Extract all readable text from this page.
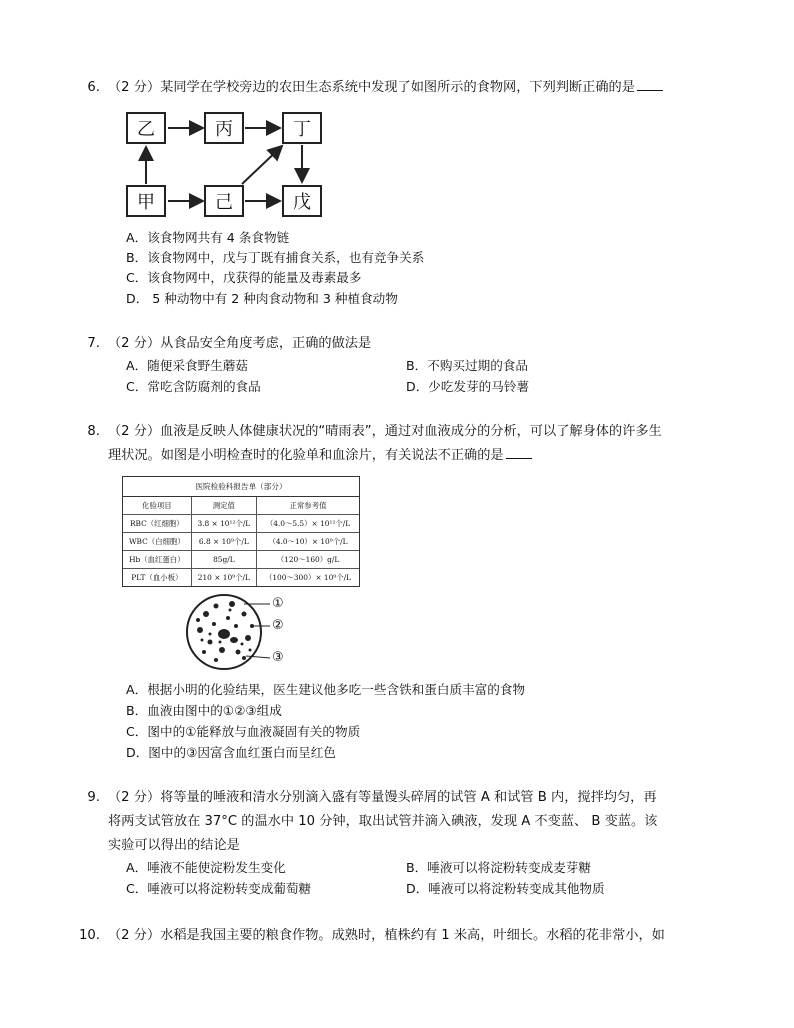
6. （2 分）某同学在学校旁边的农田生态系统中发现了如图所示的食物网，下列判断正确的是
乙	丙	丁
甲	己	戊
A．该食物网共有 4 条食物链
B．该食物网中，戊与丁既有捕食关系，也有竞争关系
C．该食物网中，戊获得的能量及毒素最多
D． 5 种动物中有 2 种肉食动物和 3 种植食动物
7. （2 分）从食品安全角度考虑，正确的做法是
A．随便采食野生蘑菇	B．不购买过期的食品
C．常吃含防腐剂的食品	D．少吃发芽的马铃薯
8. （2 分）血液是反映人体健康状况的“晴雨表”，通过对血液成分的分析，可以了解身体的许多生
理状况。如图是小明检查时的化验单和血涂片，有关说法不正确的是
医院检验科报告单（部分）
化验项目	测定值	正常参考值
RBC（红细胞）	3.8 × 10¹²个/L	（4.0～5.5）× 10¹²个/L
WBC（白细胞）	6.8 × 10⁹个/L	（4.0～10）× 10⁹个/L
Hb（血红蛋白）	85g/L	（120～160）g/L
PLT（血小板）	210 × 10⁹个/L	（100～300）× 10⁹个/L
①
②
③
A．根据小明的化验结果，医生建议他多吃一些含铁和蛋白质丰富的食物
B．血液由图中的①②③组成
C．图中的①能释放与血液凝固有关的物质
D．图中的③因富含血红蛋白而呈红色
9. （2 分）将等量的唾液和清水分别滴入盛有等量馒头碎屑的试管 A 和试管 B 内，搅拌均匀，再
将两支试管放在 37°C 的温水中 10 分钟，取出试管并滴入碘液，发现 A 不变蓝、 B 变蓝。该
实验可以得出的结论是
A．唾液不能使淀粉发生变化	B．唾液可以将淀粉转变成麦芽糖
C．唾液可以将淀粉转变成葡萄糖	D．唾液可以将淀粉转变成其他物质
10. （2 分）水稻是我国主要的粮食作物。成熟时，植株约有 1 米高，叶细长。水稻的花非常小，如
